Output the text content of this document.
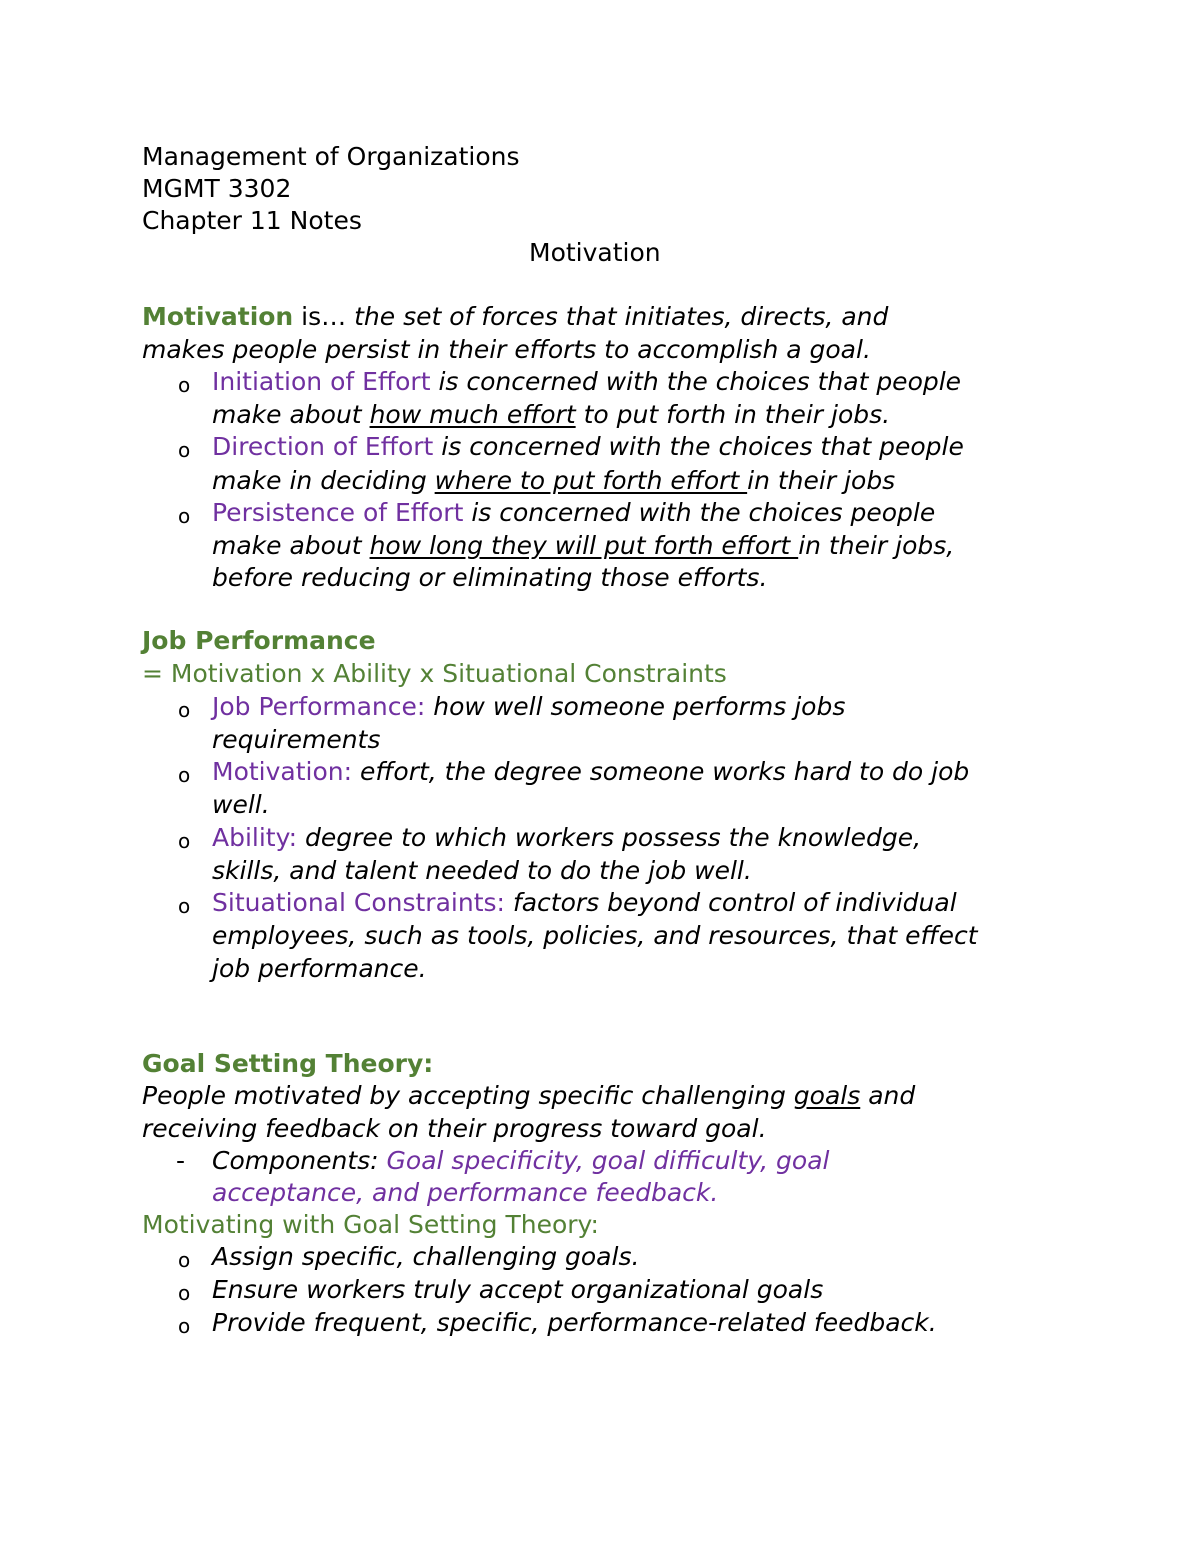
Management of Organizations
MGMT 3302
Chapter 11 Notes
Motivation
Motivation is… the set of forces that initiates, directs, and
makes people persist in their efforts to accomplish a goal.
o Initiation of Effort is concerned with the choices that people
make about how much effort to put forth in their jobs.
o Direction of Effort is concerned with the choices that people
make in deciding where to put forth effort in their jobs
o Persistence of Effort is concerned with the choices people
make about how long they will put forth effort in their jobs,
before reducing or eliminating those efforts.
Job Performance
= Motivation x Ability x Situational Constraints
o Job Performance: how well someone performs jobs
requirements
o Motivation: effort, the degree someone works hard to do job
well.
o Ability: degree to which workers possess the knowledge,
skills, and talent needed to do the job well.
o Situational Constraints: factors beyond control of individual
employees, such as tools, policies, and resources, that effect
job performance.
Goal Setting Theory:
People motivated by accepting specific challenging goals and
receiving feedback on their progress toward goal.
- Components: Goal specificity, goal difficulty, goal
acceptance, and performance feedback.
Motivating with Goal Setting Theory:
o Assign specific, challenging goals.
o Ensure workers truly accept organizational goals
o Provide frequent, specific, performance-related feedback.
